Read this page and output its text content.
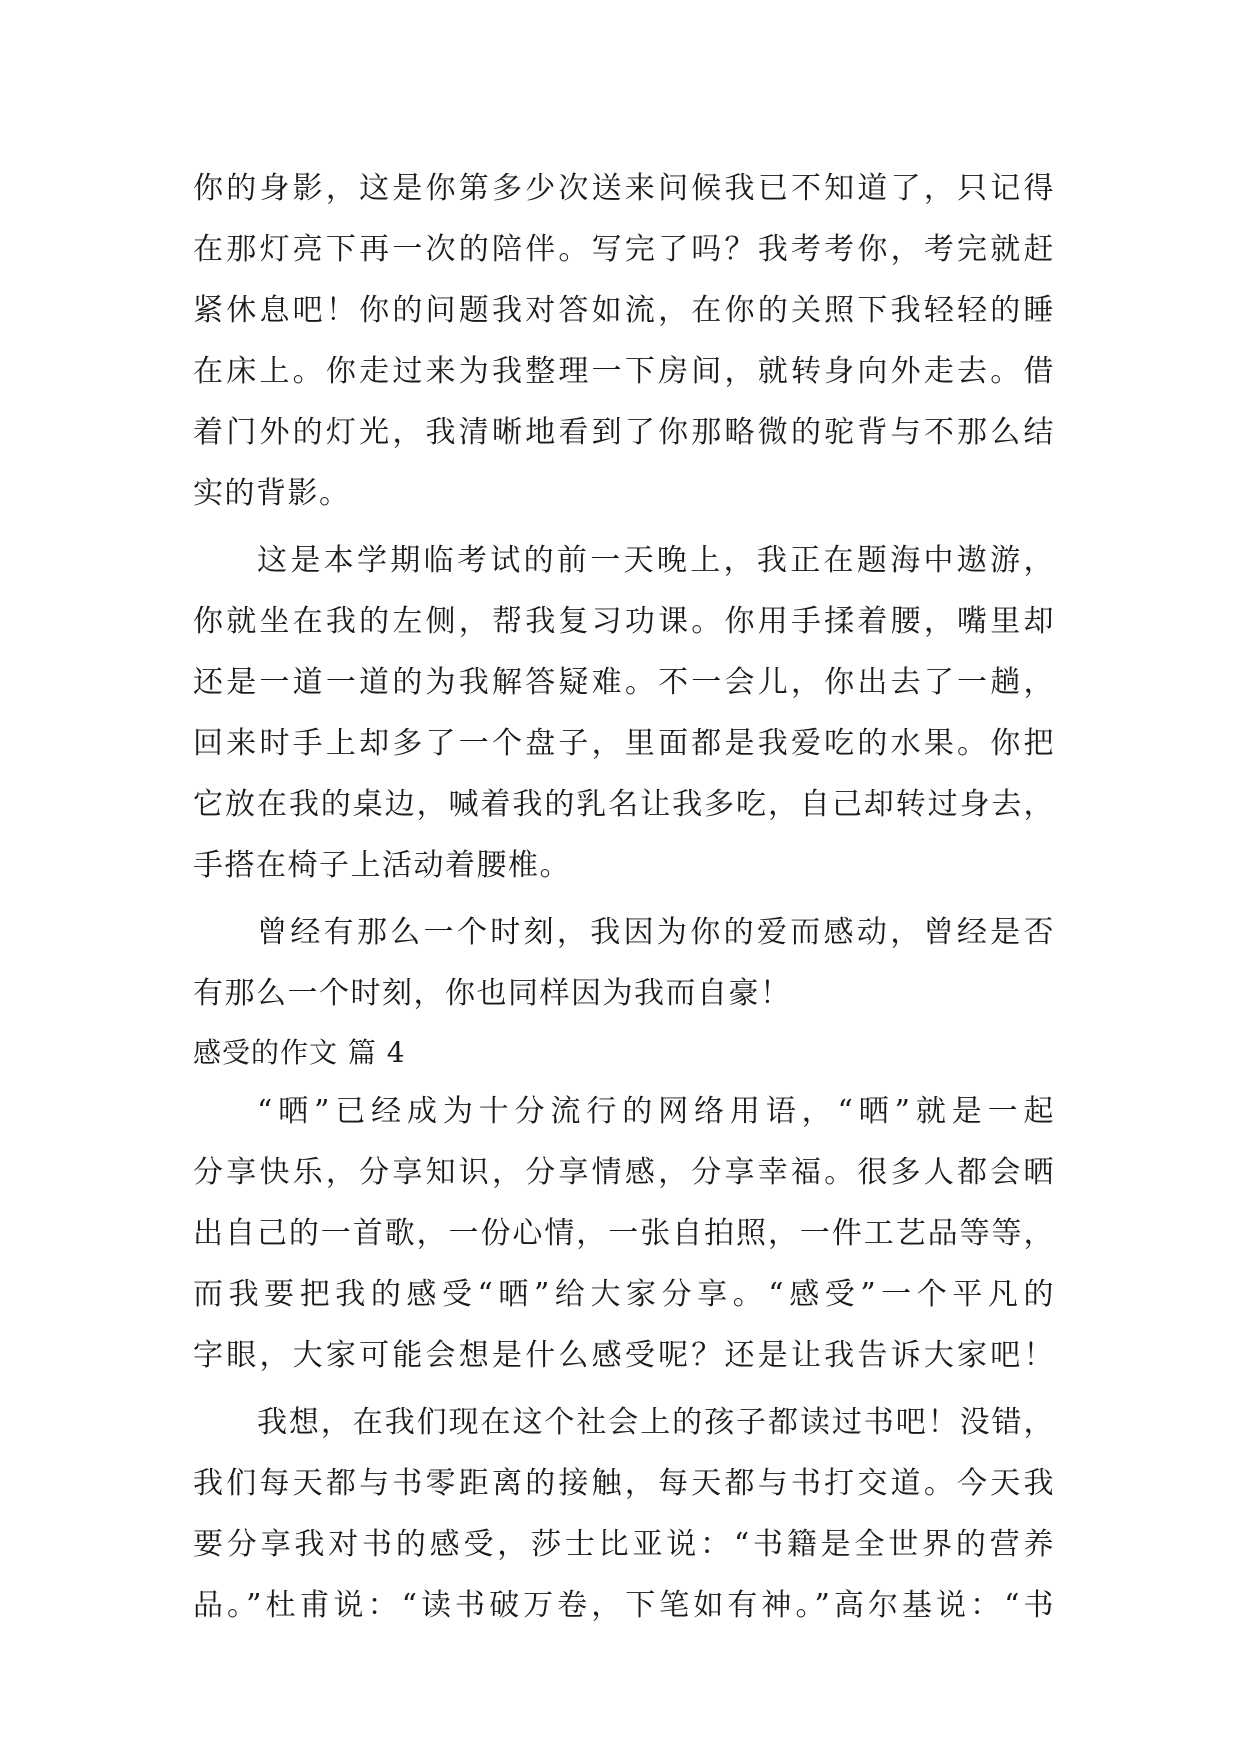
你的身影，这是你第多少次送来问候我已不知道了，只记得
在那灯亮下再一次的陪伴。写完了吗？我考考你，考完就赶
紧休息吧！你的问题我对答如流，在你的关照下我轻轻的睡
在床上。你走过来为我整理一下房间，就转身向外走去。借
着门外的灯光，我清晰地看到了你那略微的驼背与不那么结
实的背影。
这是本学期临考试的前一天晚上，我正在题海中遨游，
你就坐在我的左侧，帮我复习功课。你用手揉着腰，嘴里却
还是一道一道的为我解答疑难。不一会儿，你出去了一趟，
回来时手上却多了一个盘子，里面都是我爱吃的水果。你把
它放在我的桌边，喊着我的乳名让我多吃，自己却转过身去，
手搭在椅子上活动着腰椎。
曾经有那么一个时刻，我因为你的爱而感动，曾经是否
有那么一个时刻，你也同样因为我而自豪！
感受的作文 篇 4
“晒”已经成为十分流行的网络用语，“晒”就是一起
分享快乐，分享知识，分享情感，分享幸福。很多人都会晒
出自己的一首歌，一份心情，一张自拍照，一件工艺品等等，
而我要把我的感受“晒”给大家分享。“感受”一个平凡的
字眼，大家可能会想是什么感受呢？还是让我告诉大家吧！
我想，在我们现在这个社会上的孩子都读过书吧！没错，
我们每天都与书零距离的接触，每天都与书打交道。今天我
要分享我对书的感受，莎士比亚说：“书籍是全世界的营养
品。”杜甫说：“读书破万卷，下笔如有神。”高尔基说：“书
